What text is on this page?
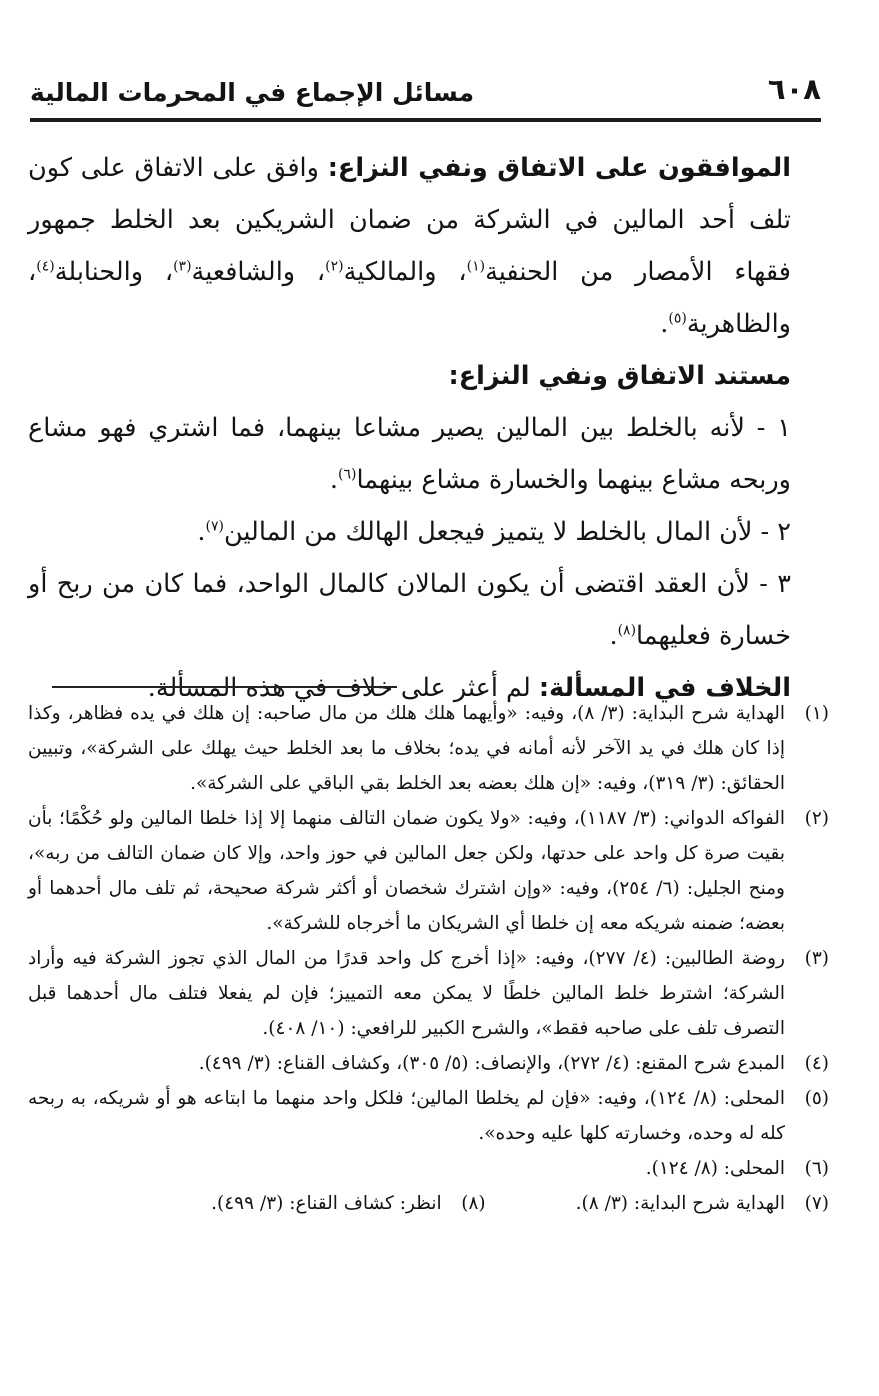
٦٠٨
مسائل الإجماع في المحرمات المالية

الموافقون على الاتفاق ونفي النزاع: وافق على الاتفاق على كون تلف أحد المالين في الشركة من ضمان الشريكين بعد الخلط جمهور فقهاء الأمصار من الحنفية$^{(١)}$، والمالكية$^{(٢)}$، والشافعية$^{(٣)}$، والحنابلة$^{(٤)}$، والظاهرية$^{(٥)}$.

مستند الاتفاق ونفي النزاع:

١ - لأنه بالخلط بين المالين يصير مشاعا بينهما، فما اشتري فهو مشاع وربحه مشاع بينهما والخسارة مشاع بينهما$^{(٦)}$.

٢ - لأن المال بالخلط لا يتميز فيجعل الهالك من المالين$^{(٧)}$.

٣ - لأن العقد اقتضى أن يكون المالان كالمال الواحد، فما كان من ربح أو خسارة فعليهما$^{(٨)}$.

الخلاف في المسألة: لم أعثر على خلاف في هذه المسألة.

(١)
الهداية شرح البداية: (٣/ ٨)، وفيه: «وأيهما هلك هلك من مال صاحبه: إن هلك في يده فظاهر، وكذا إذا كان هلك في يد الآخر لأنه أمانه في يده؛ بخلاف ما بعد الخلط حيث يهلك على الشركة»، وتبيين الحقائق: (٣/ ٣١٩)، وفيه: «إن هلك بعضه بعد الخلط بقي الباقي على الشركة».
(٢)
الفواكه الدواني: (٣/ ١١٨٧)، وفيه: «ولا يكون ضمان التالف منهما إلا إذا خلطا المالين ولو حُكْمًا؛ بأن بقيت صرة كل واحد على حدتها، ولكن جعل المالين في حوز واحد، وإلا كان ضمان التالف من ربه»، ومنح الجليل: (٦/ ٢٥٤)، وفيه: «وإن اشترك شخصان أو أكثر شركة صحيحة، ثم تلف مال أحدهما أو بعضه؛ ضمنه شريكه معه إن خلطا أي الشريكان ما أخرجاه للشركة».
(٣)
روضة الطالبين: (٤/ ٢٧٧)، وفيه: «إذا أخرج كل واحد قدرًا من المال الذي تجوز الشركة فيه وأراد الشركة؛ اشترط خلط المالين خلطًا لا يمكن معه التمييز؛ فإن لم يفعلا فتلف مال أحدهما قبل التصرف تلف على صاحبه فقط»، والشرح الكبير للرافعي: (١٠/ ٤٠٨).
(٤)
المبدع شرح المقنع: (٤/ ٢٧٢)، والإنصاف: (٥/ ٣٠٥)، وكشاف القناع: (٣/ ٤٩٩).
(٥)
المحلى: (٨/ ١٢٤)، وفيه: «فإن لم يخلطا المالين؛ فلكل واحد منهما ما ابتاعه هو أو شريكه، به ربحه كله له وحده، وخسارته كلها عليه وحده».
(٦)
المحلى: (٨/ ١٢٤).
(٧)
الهداية شرح البداية: (٣/ ٨).
(٨)
انظر: كشاف القناع: (٣/ ٤٩٩).
